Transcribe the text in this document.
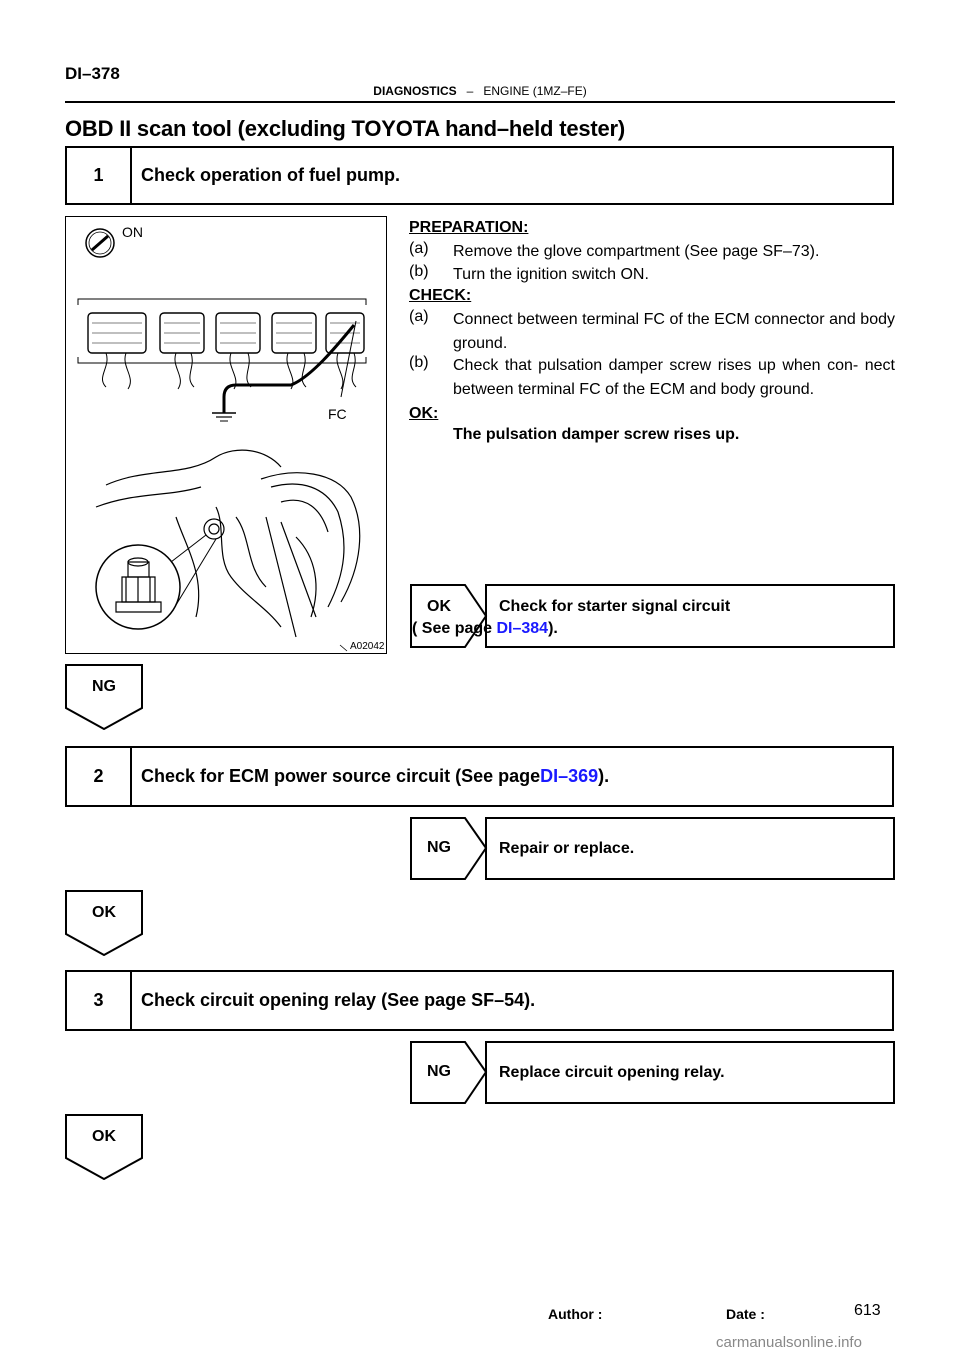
DI–378
DIAGNOSTICS – ENGINE (1MZ–FE)
OBD II scan tool (excluding TOYOTA hand–held tester)
1	Check operation of fuel pump.
ON
FC
A02042
PREPARATION:
(a) Remove the glove compartment (See page SF–73).
(b) Turn the ignition switch ON.
CHECK:
(a) Connect between terminal FC of the ECM connector and body ground.
(b) Check that pulsation damper screw rises up when con- nect between terminal FC of the ECM and body ground.
OK:
The pulsation damper screw rises up.
OK	Check for starter signal circuit
( See page DI–384).
NG
2	Check for ECM power source circuit (See page DI–369 ).
NG	Repair or replace.
OK
3	Check circuit opening relay (See page SF–54).
NG	Replace circuit opening relay.
OK
Author :	Date :	613
carmanualsonline.info
